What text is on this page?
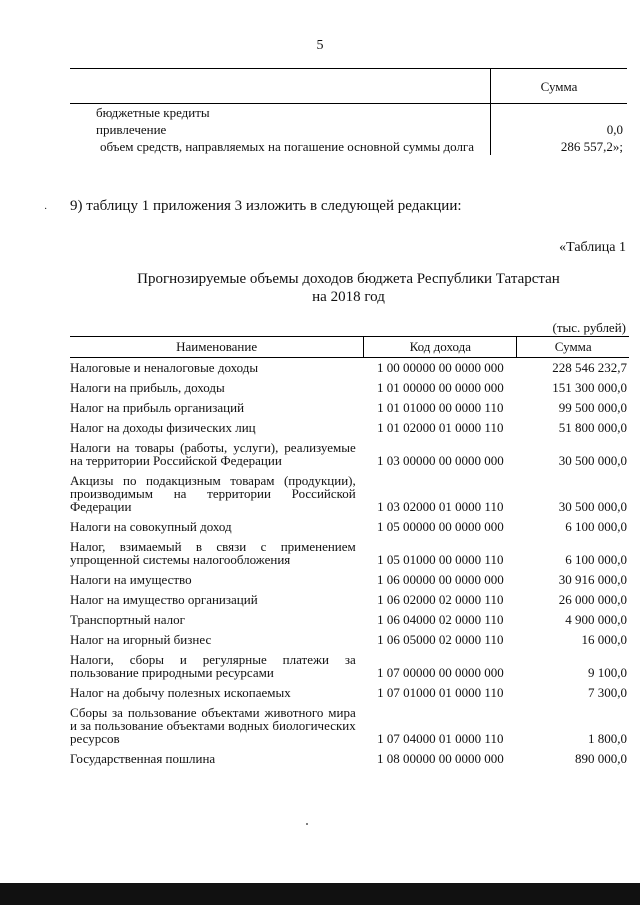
5
	Сумма
бюджетные кредиты	
привлечение	0,0
объем средств, направляемых на погашение основной суммы долга	286 557,2»;
· 9) таблицу 1 приложения 3 изложить в следующей редакции:
«Таблица 1
Прогнозируемые объемы доходов бюджета Республики Татарстан
на 2018 год
(тыс. рублей)
Наименование	Код дохода	Сумма
Налоговые и неналоговые доходы	1 00 00000 00 0000 000	228 546 232,7
Налоги на прибыль, доходы	1 01 00000 00 0000 000	151 300 000,0
Налог на прибыль организаций	1 01 01000 00 0000 110	99 500 000,0
Налог на доходы физических лиц	1 01 02000 01 0000 110	51 800 000,0
Налоги на товары (работы, услуги), реализуемые на территории Российской Федерации	1 03 00000 00 0000 000	30 500 000,0
Акцизы по подакцизным товарам (продукции), производимым на территории Российской Федерации	1 03 02000 01 0000 110	30 500 000,0
Налоги на совокупный доход	1 05 00000 00 0000 000	6 100 000,0
Налог, взимаемый в связи с применением упрощенной системы налогообложения	1 05 01000 00 0000 110	6 100 000,0
Налоги на имущество	1 06 00000 00 0000 000	30 916 000,0
Налог на имущество организаций	1 06 02000 02 0000 110	26 000 000,0
Транспортный налог	1 06 04000 02 0000 110	4 900 000,0
Налог на игорный бизнес	1 06 05000 02 0000 110	16 000,0
Налоги, сборы и регулярные платежи за пользование природными ресурсами	1 07 00000 00 0000 000	9 100,0
Налог на добычу полезных ископаемых	1 07 01000 01 0000 110	7 300,0
Сборы за пользование объектами животного мира и за пользование объектами водных биологических ресурсов	1 07 04000 01 0000 110	1 800,0
Государственная пошлина	1 08 00000 00 0000 000	890 000,0
